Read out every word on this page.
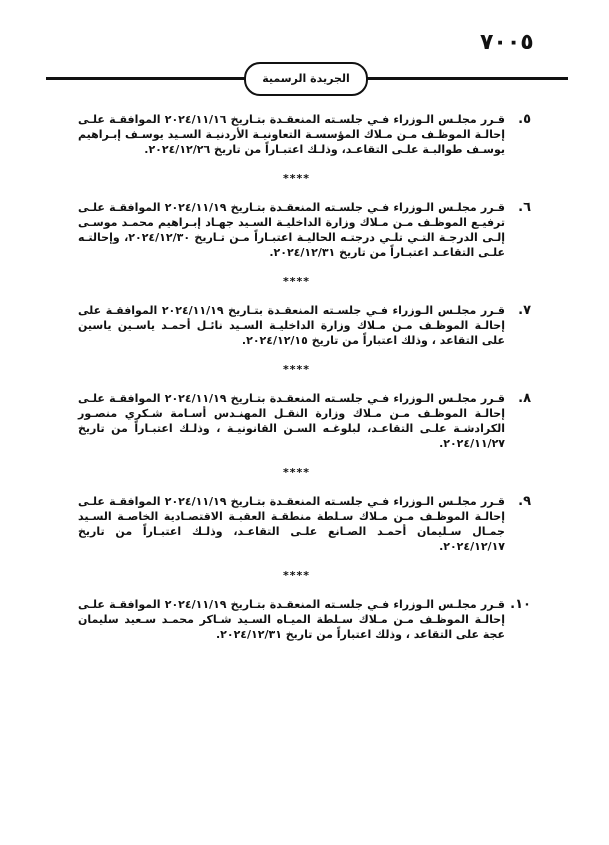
٧٠٠٥
الجريدة الرسمية
٥.
قـرر مجلـس الـوزراء فـي جلسـته المنعقـدة بتـاريخ ٢٠٢٤/١١/١٦ الموافقـة علـى إحالـة الموظـف مـن مـلاك المؤسسـة التعاونيـة الأردنيـة السـيد يوسـف إبـراهيم يوسـف طوالبـة علـى التقاعـد، وذلـك اعتبـاراً من تاريخ ٢٠٢٤/١٢/٢٦.
****
٦.
قـرر مجلـس الـوزراء فـي جلسـته المنعقـدة بتـاريخ ٢٠٢٤/١١/١٩ الموافقـة علـى ترفيـع الموظـف مـن مـلاك وزارة الداخليـة السـيد جهـاد إبـراهيم محمـد موسـى إلـى الدرجـة التـي تلـي درجتـه الحاليـة اعتبـاراً مـن تـاريخ ٢٠٢٤/١٢/٣٠، وإحالتـه علـى التقاعـد اعتبـاراً من تاريخ ٢٠٢٤/١٢/٣١.
****
٧.
قـرر مجلـس الـوزراء فـي جلسـته المنعقـدة بتـاريخ ٢٠٢٤/١١/١٩ الموافقـة على إحالـة الموظـف مـن مـلاك وزارة الداخليـة السـيد نائـل أحمـد ياسـين ياسين على التقاعد ، وذلك اعتباراً من تاريخ ٢٠٢٤/١٢/١٥.
****
٨.
قـرر مجلـس الـوزراء فـي جلسـته المنعقـدة بتـاريخ ٢٠٢٤/١١/١٩ الموافقـة علـى إحالـة الموظـف مـن مـلاك وزارة النقـل المهنـدس أسـامة شـكري منصـور الكرادشـة علـى التقاعـد، لبلوغـه السـن القانونيـة ، وذلـك اعتبـاراً من تاريخ ٢٠٢٤/١١/٢٧.
****
٩.
قـرر مجلـس الـوزراء فـي جلسـته المنعقـدة بتـاريخ ٢٠٢٤/١١/١٩ الموافقـة علـى إحالـة الموظـف مـن مـلاك سـلطة منطقـة العقبـة الاقتصـادية الخاصـة السـيد جمـال سـليمان أحمـد الصـانع علـى التقاعـد، وذلـك اعتبـاراً من تاريخ ٢٠٢٤/١٢/١٧.
****
١٠.
قـرر مجلـس الـوزراء فـي جلسـته المنعقـدة بتـاريخ ٢٠٢٤/١١/١٩ الموافقـة علـى إحالـة الموظـف مـن مـلاك سـلطة الميـاه السـيد شـاكر محمـد سـعيد سليمان عجة على التقاعد ، وذلك اعتباراً من تاريخ ٢٠٢٤/١٢/٣١.
